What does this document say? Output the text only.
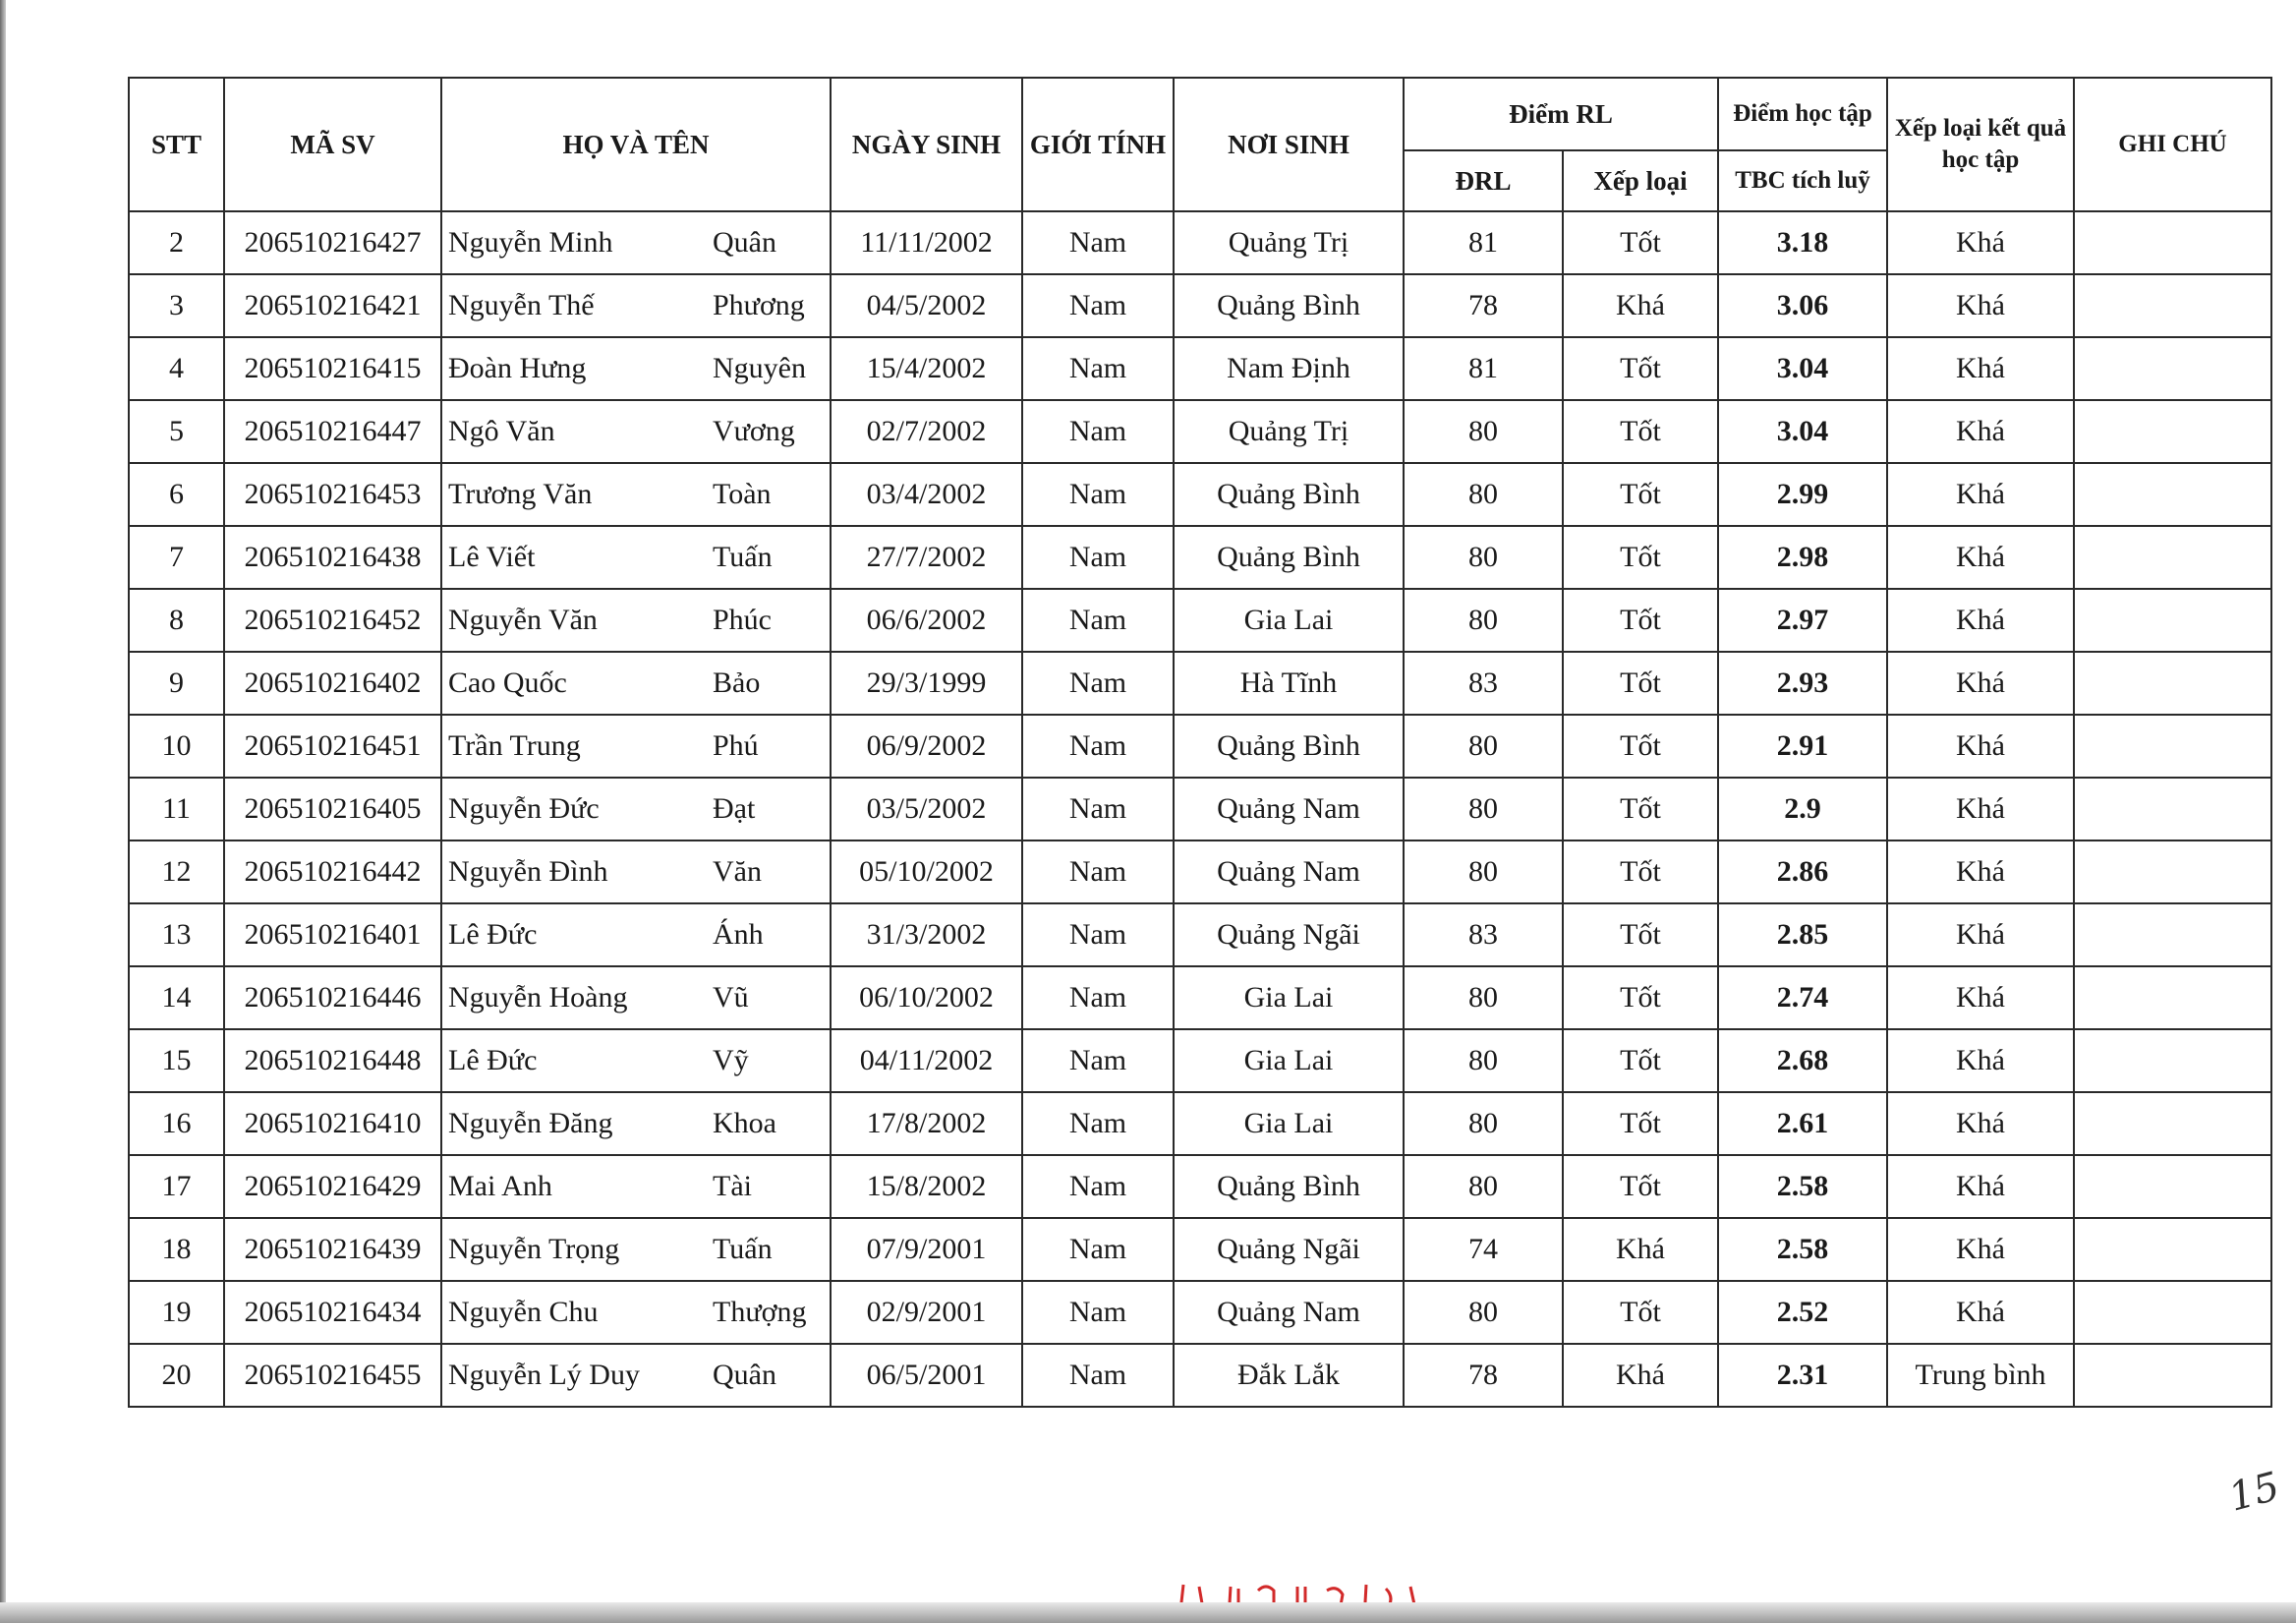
STT	MÃ SV	HỌ VÀ TÊN	NGÀY SINH	GIỚI TÍNH	NƠI SINH	Điểm RL		Điểm học tập	Xếp loại kết quả học tập	GHI CHÚ
						ĐRL	Xếp loại	TBC tích luỹ		
2	206510216427	Nguyễn Minh Quân	11/11/2002	Nam	Quảng Trị	81	Tốt	3.18	Khá	
3	206510216421	Nguyễn Thế Phương	04/5/2002	Nam	Quảng Bình	78	Khá	3.06	Khá	
4	206510216415	Đoàn Hưng Nguyên	15/4/2002	Nam	Nam Định	81	Tốt	3.04	Khá	
5	206510216447	Ngô Văn Vương	02/7/2002	Nam	Quảng Trị	80	Tốt	3.04	Khá	
6	206510216453	Trương Văn Toàn	03/4/2002	Nam	Quảng Bình	80	Tốt	2.99	Khá	
7	206510216438	Lê Viết Tuấn	27/7/2002	Nam	Quảng Bình	80	Tốt	2.98	Khá	
8	206510216452	Nguyễn Văn Phúc	06/6/2002	Nam	Gia Lai	80	Tốt	2.97	Khá	
9	206510216402	Cao Quốc Bảo	29/3/1999	Nam	Hà Tĩnh	83	Tốt	2.93	Khá	
10	206510216451	Trần Trung Phú	06/9/2002	Nam	Quảng Bình	80	Tốt	2.91	Khá	
11	206510216405	Nguyễn Đức Đạt	03/5/2002	Nam	Quảng Nam	80	Tốt	2.9	Khá	
12	206510216442	Nguyễn Đình Văn	05/10/2002	Nam	Quảng Nam	80	Tốt	2.86	Khá	
13	206510216401	Lê Đức Ánh	31/3/2002	Nam	Quảng Ngãi	83	Tốt	2.85	Khá	
14	206510216446	Nguyễn Hoàng Vũ	06/10/2002	Nam	Gia Lai	80	Tốt	2.74	Khá	
15	206510216448	Lê Đức Vỹ	04/11/2002	Nam	Gia Lai	80	Tốt	2.68	Khá	
16	206510216410	Nguyễn Đăng Khoa	17/8/2002	Nam	Gia Lai	80	Tốt	2.61	Khá	
17	206510216429	Mai Anh Tài	15/8/2002	Nam	Quảng Bình	80	Tốt	2.58	Khá	
18	206510216439	Nguyễn Trọng Tuấn	07/9/2001	Nam	Quảng Ngãi	74	Khá	2.58	Khá	
19	206510216434	Nguyễn Chu Thượng	02/9/2001	Nam	Quảng Nam	80	Tốt	2.52	Khá	
20	206510216455	Nguyễn Lý Duy Quân	06/5/2001	Nam	Đắk Lắk	78	Khá	2.31	Trung bình	
15
